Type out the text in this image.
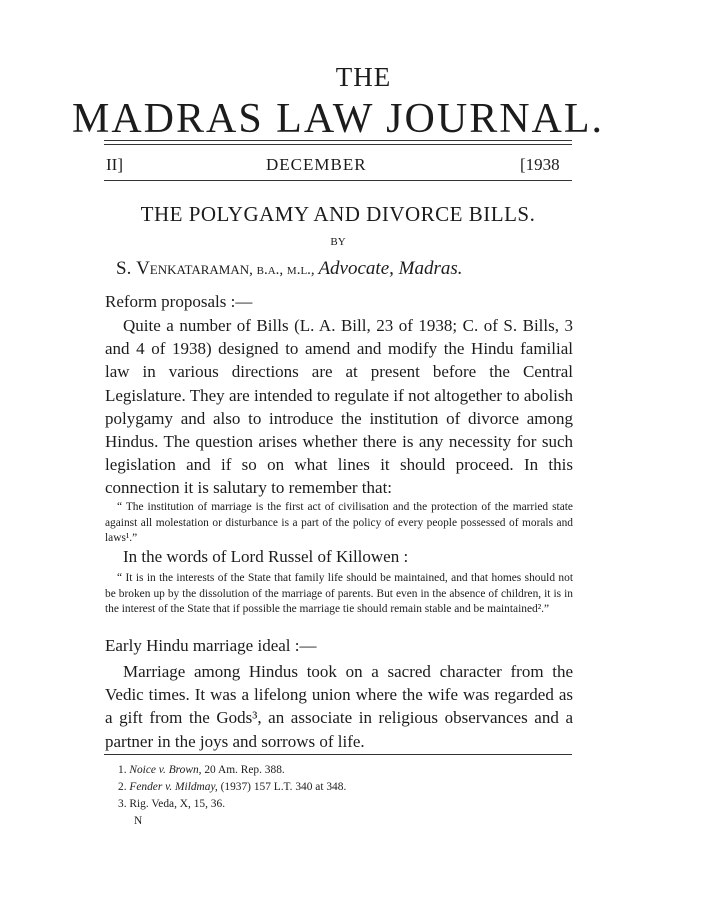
THE
MADRAS LAW JOURNAL.
II]	DECEMBER	[1938
THE POLYGAMY AND DIVORCE BILLS.
BY
S. Venkataraman, b.a., m.l., Advocate, Madras.
Reform proposals :—

Quite a number of Bills (L. A. Bill, 23 of 1938; C. of S. Bills, 3 and 4 of 1938) designed to amend and modify the Hindu familial law in various directions are at present before the Central Legislature. They are intended to regulate if not altogether to abolish polygamy and also to introduce the institution of divorce among Hindus. The question arises whether there is any necessity for such legislation and if so on what lines it should proceed. In this connection it is salutary to remember that:

“ The institution of marriage is the first act of civilisation and the protection of the married state against all molestation or disturbance is a part of the policy of every people possessed of morals and laws¹.”

In the words of Lord Russel of Killowen :

“ It is in the interests of the State that family life should be maintained, and that homes should not be broken up by the dissolution of the marriage of parents. But even in the absence of children, it is in the interest of the State that if possible the marriage tie should remain stable and be maintained².”

Early Hindu marriage ideal :—

Marriage among Hindus took on a sacred character from the Vedic times. It was a lifelong union where the wife was regarded as a gift from the Gods³, an associate in religious observances and a partner in the joys and sorrows of life.

1. Noice v. Brown, 20 Am. Rep. 388.
2. Fender v. Mildmay, (1937) 157 L.T. 340 at 348.
3. Rig. Veda, X, 15, 36.
N
